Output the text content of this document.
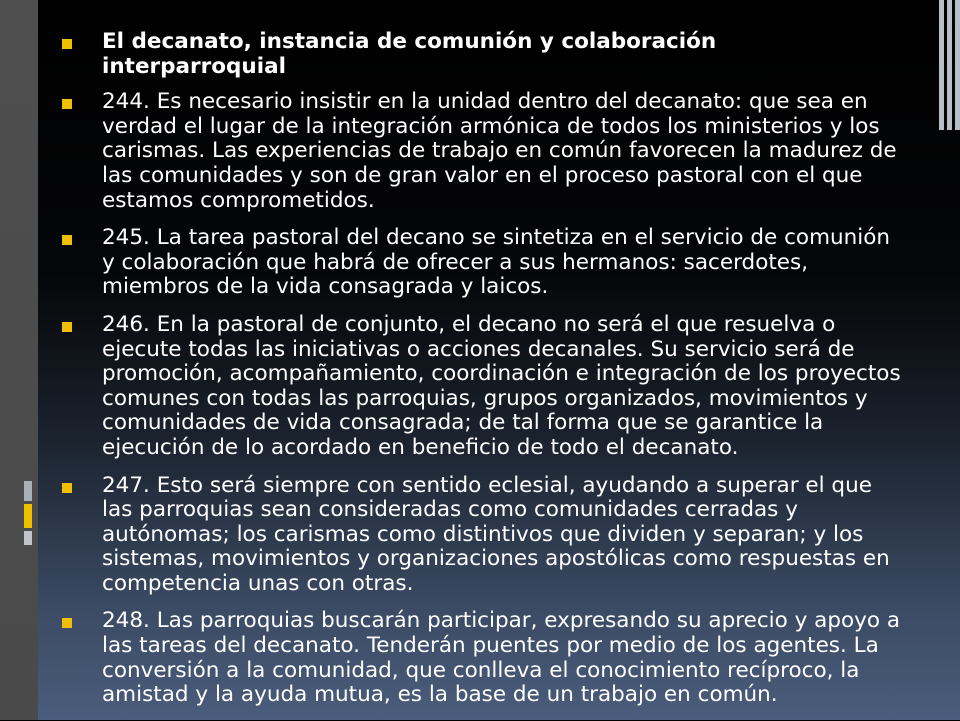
El decanato, instancia de comunión y colaboración interparroquial
244. Es necesario insistir en la unidad dentro del decanato: que sea en verdad el lugar de la integración armónica de todos los ministerios y los carismas. Las experiencias de trabajo en común favorecen la madurez de las comunidades y son de gran valor en el proceso pastoral con el que estamos comprometidos.
245. La tarea pastoral del decano se sintetiza en el servicio de comunión y colaboración que habrá de ofrecer a sus hermanos: sacerdotes, miembros de la vida consagrada y laicos.
246. En la pastoral de conjunto, el decano no será el que resuelva o ejecute todas las iniciativas o acciones decanales. Su servicio será de promoción, acompañamiento, coordinación e integración de los proyectos comunes con todas las parroquias, grupos organizados, movimientos y comunidades de vida consagrada; de tal forma que se garantice la ejecución de lo acordado en beneficio de todo el decanato.
247. Esto será siempre con sentido eclesial, ayudando a superar el que las parroquias sean consideradas como comunidades cerradas y autónomas; los carismas como distintivos que dividen y separan; y los sistemas, movimientos y organizaciones apostólicas como respuestas en competencia unas con otras.
248. Las parroquias buscarán participar, expresando su aprecio y apoyo a las tareas del decanato. Tenderán puentes por medio de los agentes. La conversión a la comunidad, que conlleva el conocimiento recíproco, la amistad y la ayuda mutua, es la base de un trabajo en común.
